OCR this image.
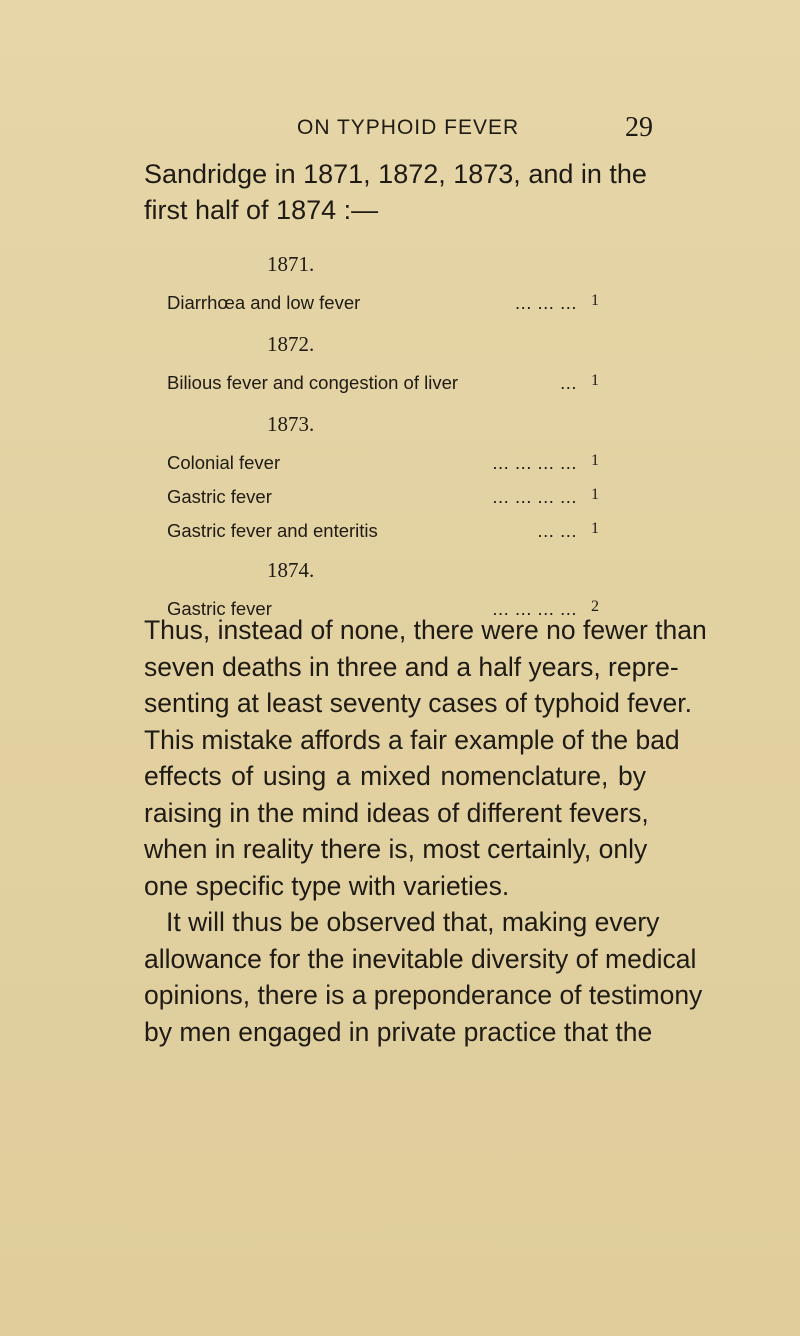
ON TYPHOID FEVER	29
Sandridge in 1871, 1872, 1873, and in the
first half of 1874 :—
1871.
Diarrhœa and low fever	... ... ... 1
1872.
Bilious fever and congestion of liver	... 1
1873.
Colonial fever	... ... ... ... 1
Gastric fever	... ... ... ... 1
Gastric fever and enteritis	... ... 1
1874.
Gastric fever	... ... ... ... 2
Thus, instead of none, there were no fewer than
seven deaths in three and a half years, repre-
senting at least seventy cases of typhoid fever.
This mistake affords a fair example of the bad
effects of using a mixed nomenclature, by
raising in the mind ideas of different fevers,
when in reality there is, most certainly, only
one specific type with varieties.
It will thus be observed that, making every
allowance for the inevitable diversity of medical
opinions, there is a preponderance of testimony
by men engaged in private practice that the
